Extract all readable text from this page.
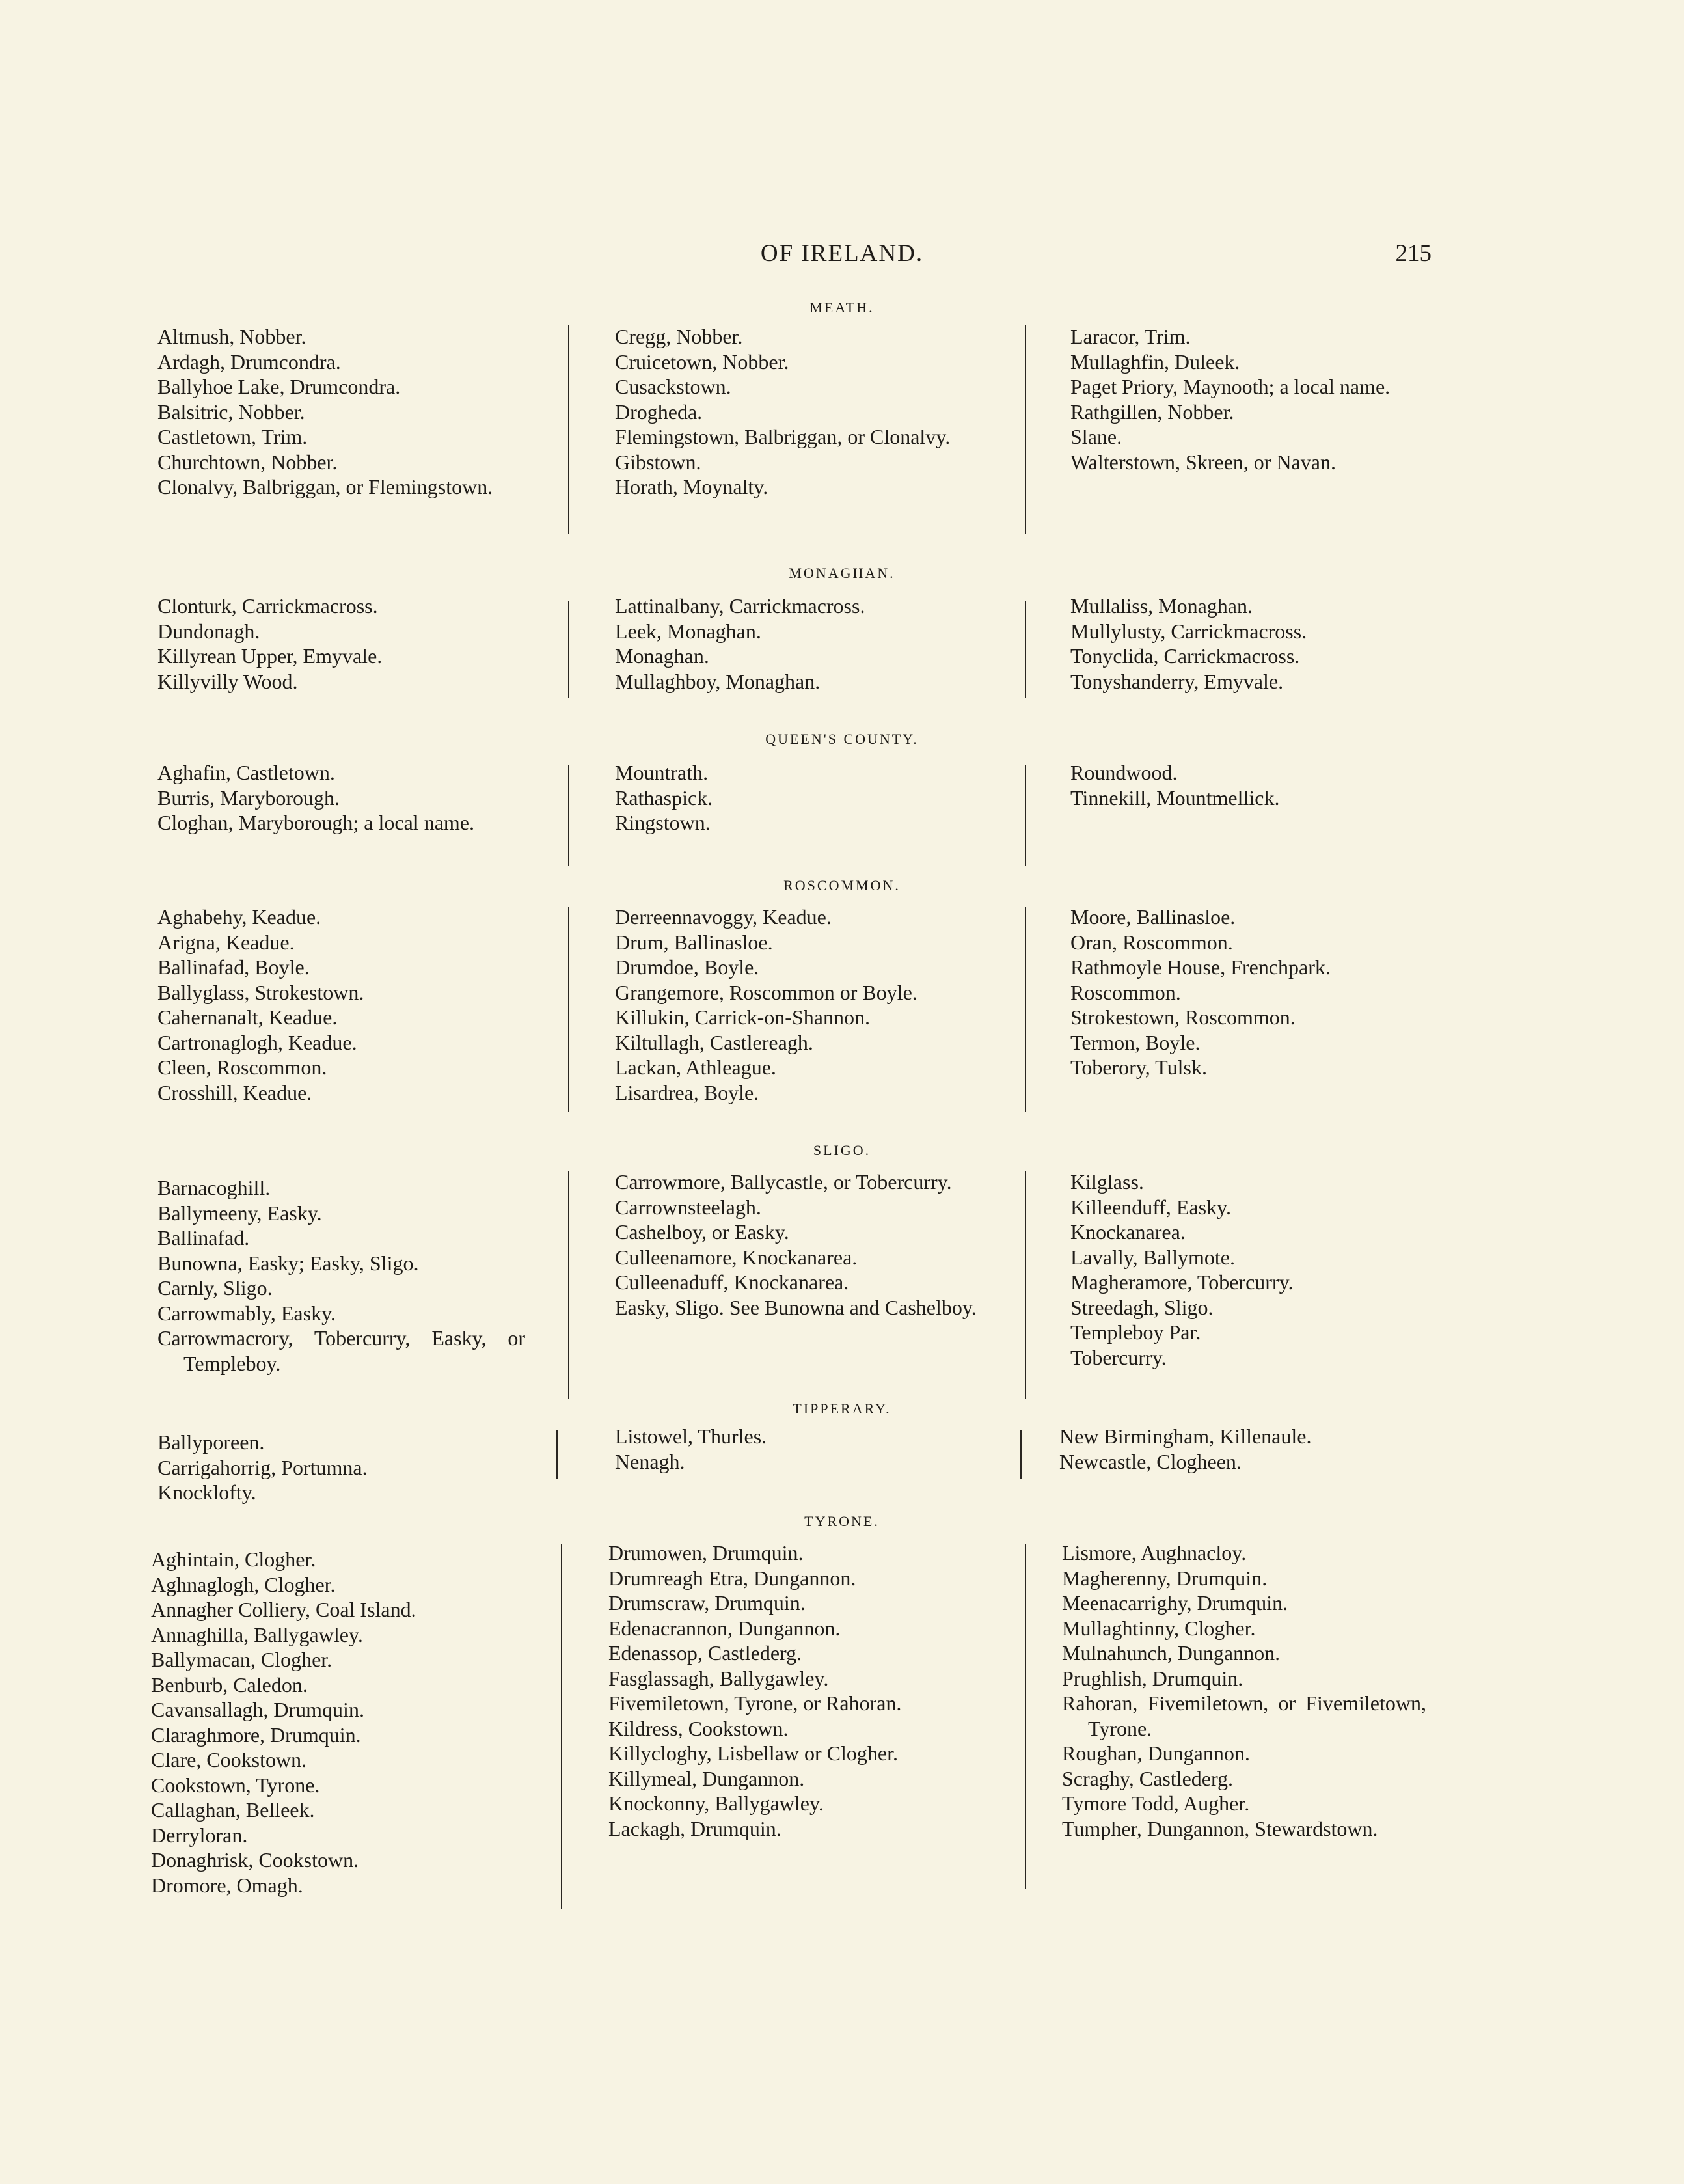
OF IRELAND.	215
MEATH.
Altmush, Nobber.
Ardagh, Drumcondra.
Ballyhoe Lake, Drumcondra.
Balsitric, Nobber.
Castletown, Trim.
Churchtown, Nobber.
Clonalvy, Balbriggan, or Flemingstown.
Cregg, Nobber.
Cruicetown, Nobber.
Cusackstown.
Drogheda.
Flemingstown, Balbriggan, or Clonalvy.
Gibstown.
Horath, Moynalty.
Laracor, Trim.
Mullaghfin, Duleek.
Paget Priory, Maynooth; a local name.
Rathgillen, Nobber.
Slane.
Walterstown, Skreen, or Navan.
MONAGHAN.
Clonturk, Carrickmacross.
Dundonagh.
Killyrean Upper, Emyvale.
Killyvilly Wood.
Lattinalbany, Carrickmacross.
Leek, Monaghan.
Monaghan.
Mullaghboy, Monaghan.
Mullaliss, Monaghan.
Mullylusty, Carrickmacross.
Tonyclida, Carrickmacross.
Tonyshanderry, Emyvale.
QUEEN'S COUNTY.
Aghafin, Castletown.
Burris, Maryborough.
Cloghan, Maryborough; a local name.
Mountrath.
Rathaspick.
Ringstown.
Roundwood.
Tinnekill, Mountmellick.
ROSCOMMON.
Aghabehy, Keadue.
Arigna, Keadue.
Ballinafad, Boyle.
Ballyglass, Strokestown.
Cahernanalt, Keadue.
Cartronaglogh, Keadue.
Cleen, Roscommon.
Crosshill, Keadue.
Derreennavoggy, Keadue.
Drum, Ballinasloe.
Drumdoe, Boyle.
Grangemore, Roscommon or Boyle.
Killukin, Carrick-on-Shannon.
Kiltullagh, Castlereagh.
Lackan, Athleague.
Lisardrea, Boyle.
Moore, Ballinasloe.
Oran, Roscommon.
Rathmoyle House, Frenchpark.
Roscommon.
Strokestown, Roscommon.
Termon, Boyle.
Toberory, Tulsk.
SLIGO.
Barnacoghill.
Ballymeeny, Easky.
Ballinafad.
Bunowna, Easky; Easky, Sligo.
Carnly, Sligo.
Carrowmably, Easky.
Carrowmacrory, Tobercurry, Easky, or Templeboy.
Carrowmore, Ballycastle, or Tobercurry.
Carrownsteelagh.
Cashelboy, or Easky.
Culleenamore, Knockanarea.
Culleenaduff, Knockanarea.
Easky, Sligo. See Bunowna and Cashelboy.
Kilglass.
Killeenduff, Easky.
Knockanarea.
Lavally, Ballymote.
Magheramore, Tobercurry.
Streedagh, Sligo.
Templeboy Par.
Tobercurry.
TIPPERARY.
Ballyporeen.
Carrigahorrig, Portumna.
Knocklofty.
Listowel, Thurles.
Nenagh.
New Birmingham, Killenaule.
Newcastle, Clogheen.
TYRONE.
Aghintain, Clogher.
Aghnaglogh, Clogher.
Annagher Colliery, Coal Island.
Annaghilla, Ballygawley.
Ballymacan, Clogher.
Benburb, Caledon.
Cavansallagh, Drumquin.
Claraghmore, Drumquin.
Clare, Cookstown.
Cookstown, Tyrone.
Callaghan, Belleek.
Derryloran.
Donaghrisk, Cookstown.
Dromore, Omagh.
Drumowen, Drumquin.
Drumreagh Etra, Dungannon.
Drumscraw, Drumquin.
Edenacrannon, Dungannon.
Edenassop, Castlederg.
Fasglassagh, Ballygawley.
Fivemiletown, Tyrone, or Rahoran.
Kildress, Cookstown.
Killycloghy, Lisbellaw or Clogher.
Killymeal, Dungannon.
Knockonny, Ballygawley.
Lackagh, Drumquin.
Lismore, Aughnacloy.
Magherenny, Drumquin.
Meenacarrighy, Drumquin.
Mullaghtinny, Clogher.
Mulnahunch, Dungannon.
Prughlish, Drumquin.
Rahoran, Fivemiletown, or Fivemiletown, Tyrone.
Roughan, Dungannon.
Scraghy, Castlederg.
Tymore Todd, Augher.
Tumpher, Dungannon, Stewardstown.
